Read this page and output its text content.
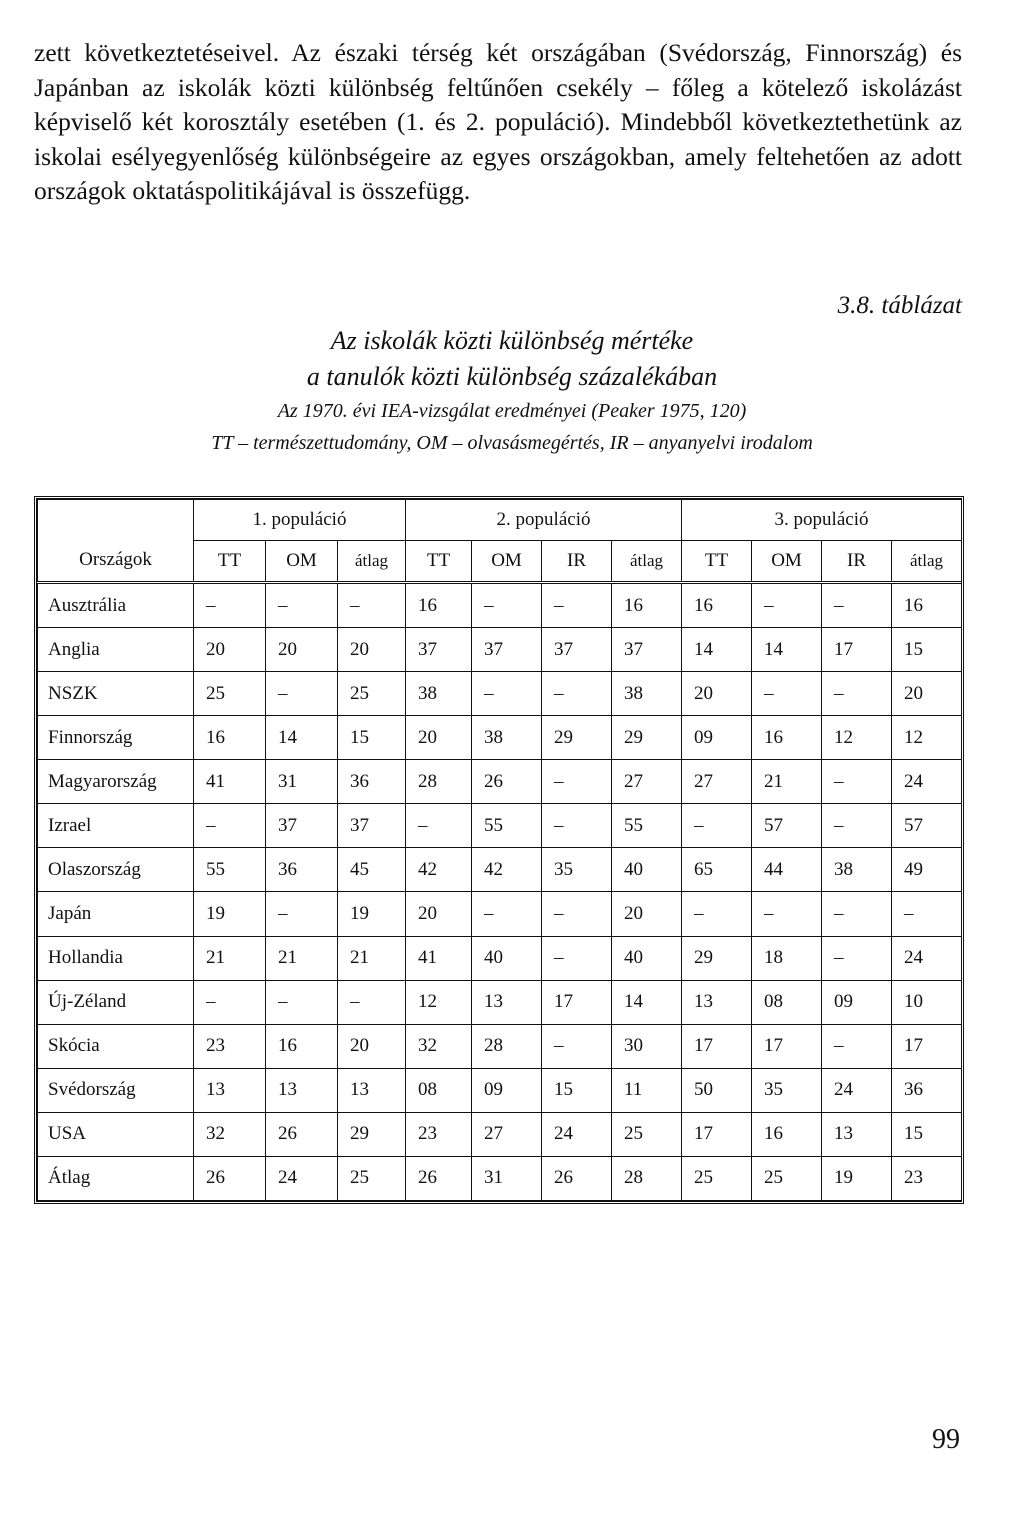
zett következtetéseivel. Az északi térség két országában (Svédország, Finnország) és Japánban az iskolák közti különbség feltűnően csekély – főleg a kötelező iskolázást képviselő két korosztály esetében (1. és 2. populáció). Mindebből következtethetünk az iskolai esélyegyenlőség különbségeire az egyes országokban, amely feltehetően az adott országok oktatáspolitikájával is összefügg.

3.8. táblázat

Az iskolák közti különbség mértéke

a tanulók közti különbség százalékában

Az 1970. évi IEA-vizsgálat eredményei (Peaker 1975, 120)

TT – természettudomány, OM – olvasásmegértés, IR – anyanyelvi irodalom

Országok	1. populáció			2. populáció				3. populáció			
	TT	OM	átlag	TT	OM	IR	átlag	TT	OM	IR	átlag
Ausztrália	–	–	–	16	–	–	16	16	–	–	16
Anglia	20	20	20	37	37	37	37	14	14	17	15
NSZK	25	–	25	38	–	–	38	20	–	–	20
Finnország	16	14	15	20	38	29	29	09	16	12	12
Magyarország	41	31	36	28	26	–	27	27	21	–	24
Izrael	–	37	37	–	55	–	55	–	57	–	57
Olaszország	55	36	45	42	42	35	40	65	44	38	49
Japán	19	–	19	20	–	–	20	–	–	–	–
Hollandia	21	21	21	41	40	–	40	29	18	–	24
Új-Zéland	–	–	–	12	13	17	14	13	08	09	10
Skócia	23	16	20	32	28	–	30	17	17	–	17
Svédország	13	13	13	08	09	15	11	50	35	24	36
USA	32	26	29	23	27	24	25	17	16	13	15
Átlag	26	24	25	26	31	26	28	25	25	19	23

99
